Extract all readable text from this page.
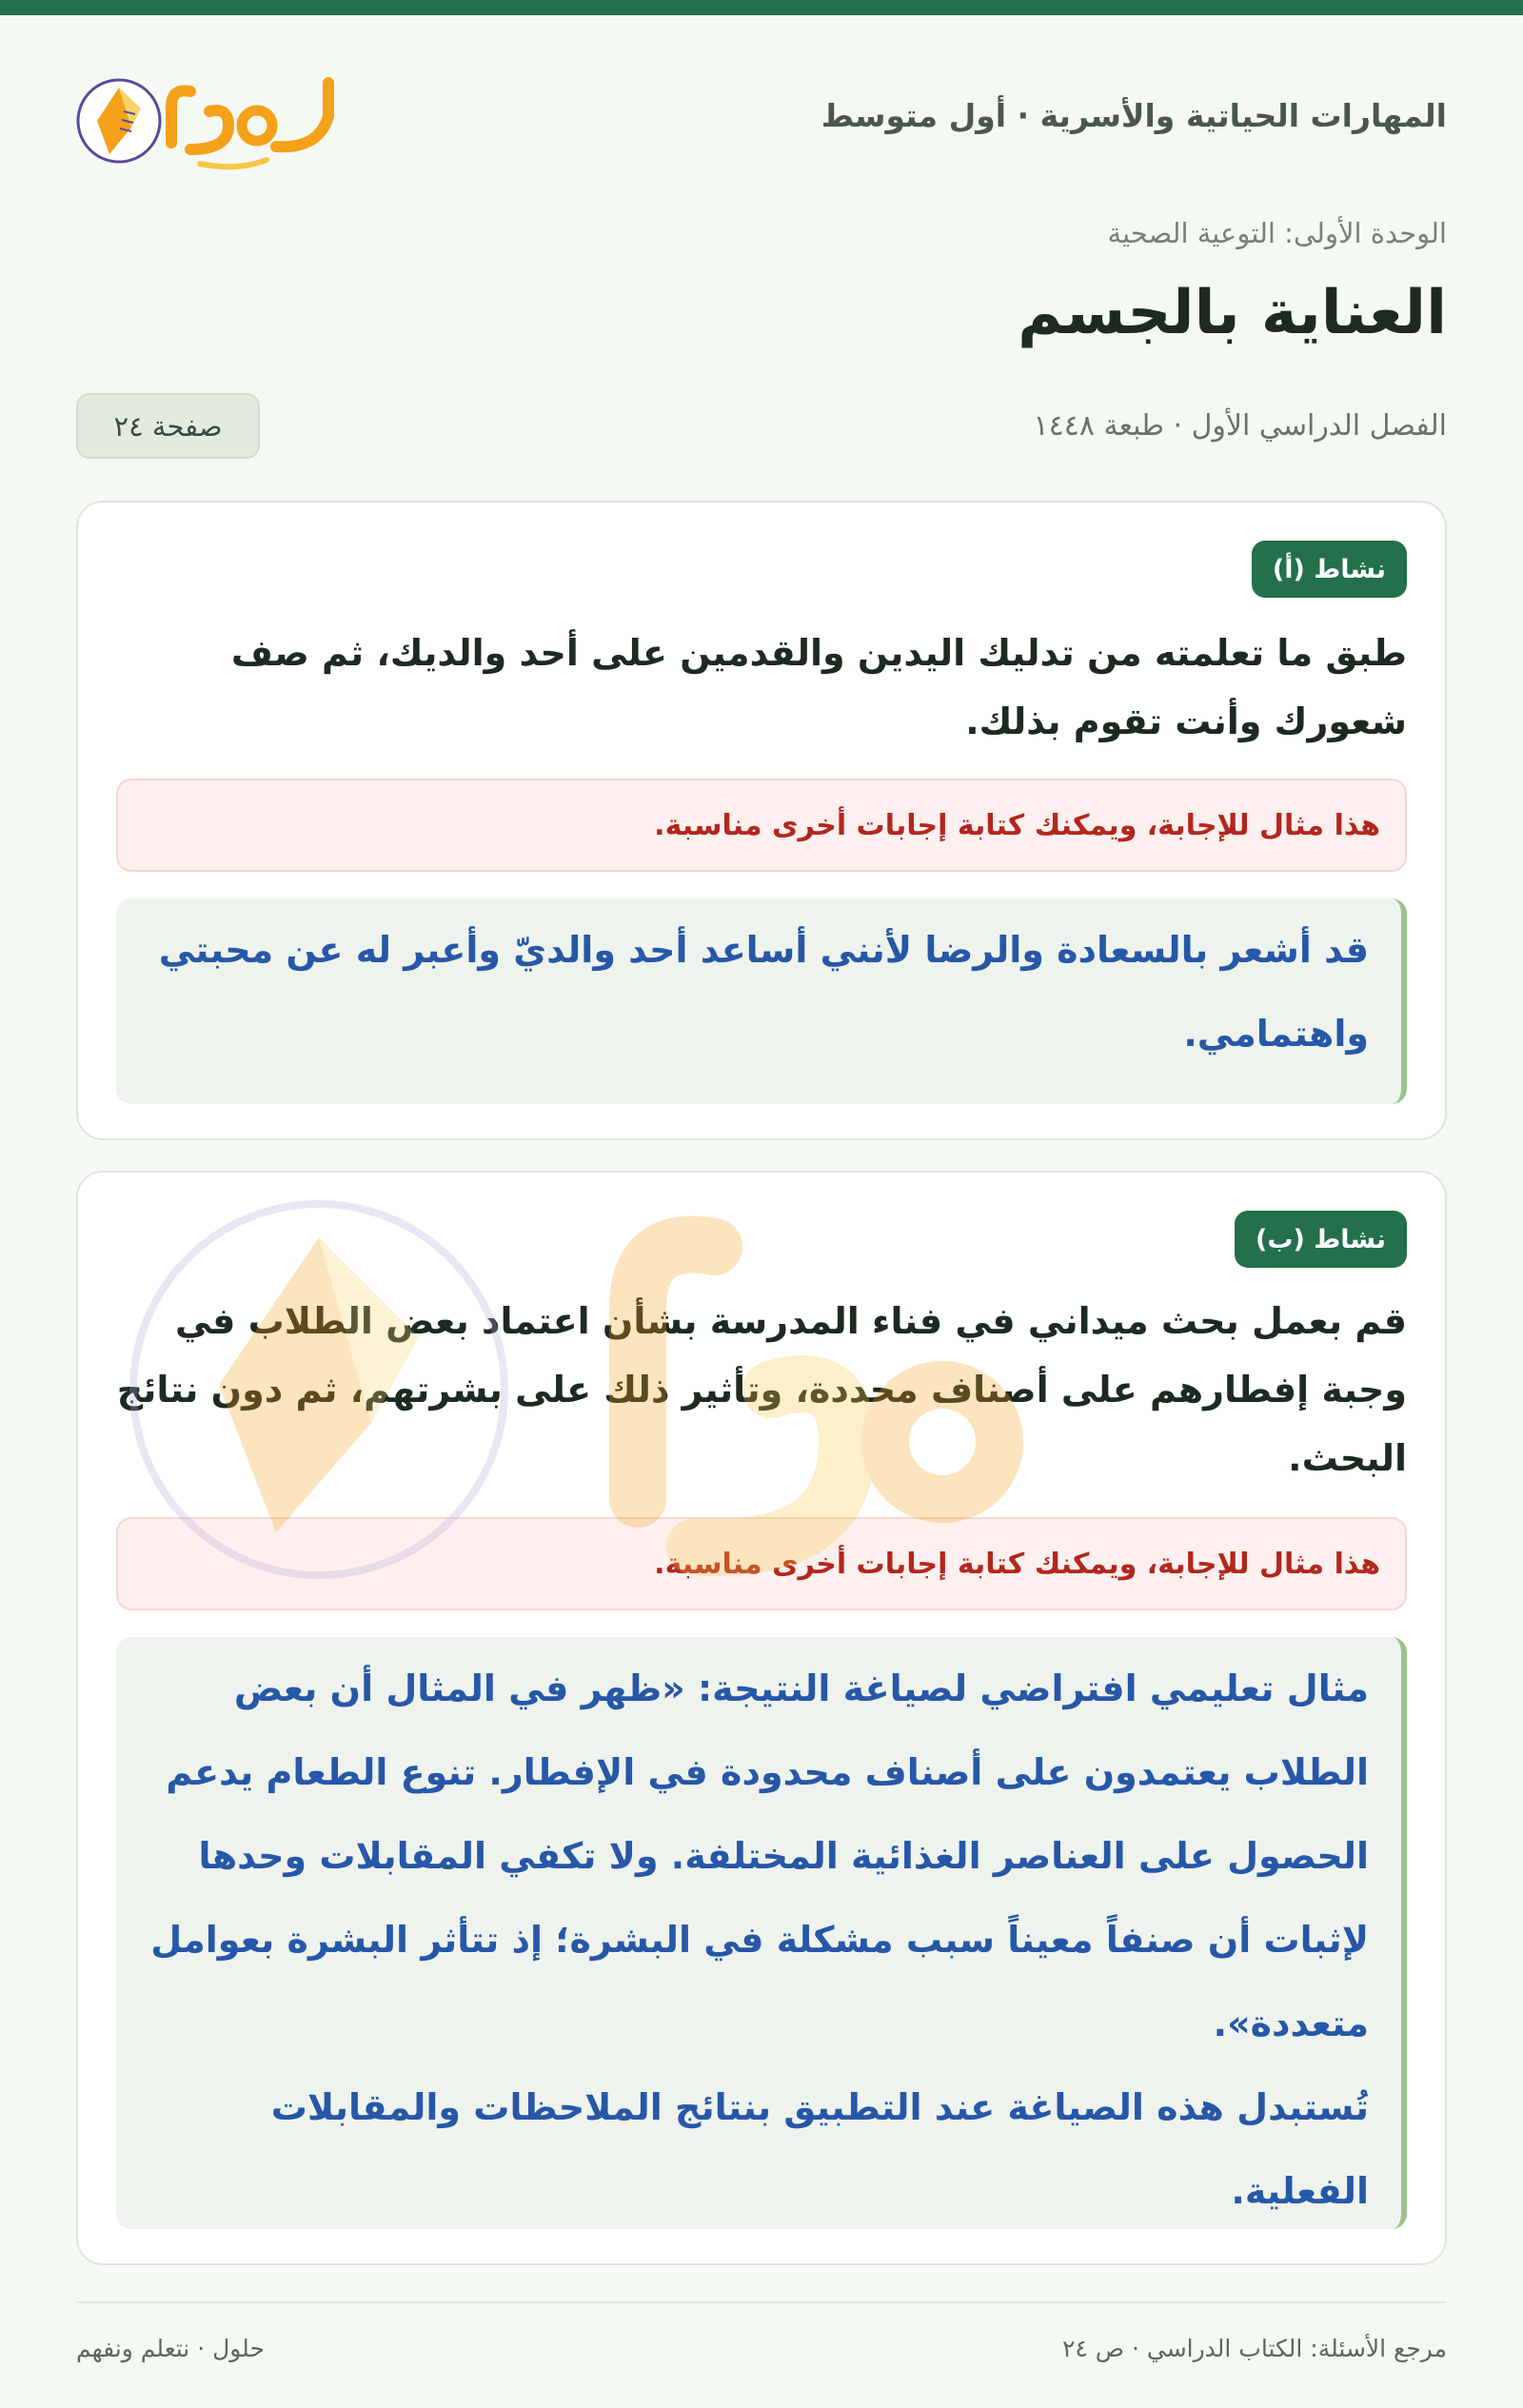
المهارات الحياتية والأسرية · أول متوسط
الوحدة الأولى: التوعية الصحية
العناية بالجسم
الفصل الدراسي الأول · طبعة ١٤٤٨
صفحة ٢٤
نشاط (أ)

طبق ما تعلمته من تدليك اليدين والقدمين على أحد والديك، ثم صف شعورك وأنت تقوم بذلك.

هذا مثال للإجابة، ويمكنك كتابة إجابات أخرى مناسبة.

قد أشعر بالسعادة والرضا لأنني أساعد أحد والديّ وأعبر له عن محبتي واهتمامي.

نشاط (ب)

قم بعمل بحث ميداني في فناء المدرسة بشأن اعتماد بعض الطلاب في وجبة إفطارهم على أصناف محددة، وتأثير ذلك على بشرتهم، ثم دون نتائج البحث.

هذا مثال للإجابة، ويمكنك كتابة إجابات أخرى مناسبة.

مثال تعليمي افتراضي لصياغة النتيجة: «ظهر في المثال أن بعض الطلاب يعتمدون على أصناف محدودة في الإفطار. تنوع الطعام يدعم الحصول على العناصر الغذائية المختلفة. ولا تكفي المقابلات وحدها لإثبات أن صنفاً معيناً سبب مشكلة في البشرة؛ إذ تتأثر البشرة بعوامل متعددة».

تُستبدل هذه الصياغة عند التطبيق بنتائج الملاحظات والمقابلات الفعلية.

مرجع الأسئلة: الكتاب الدراسي · ص ٢٤
حلول · نتعلم ونفهم
